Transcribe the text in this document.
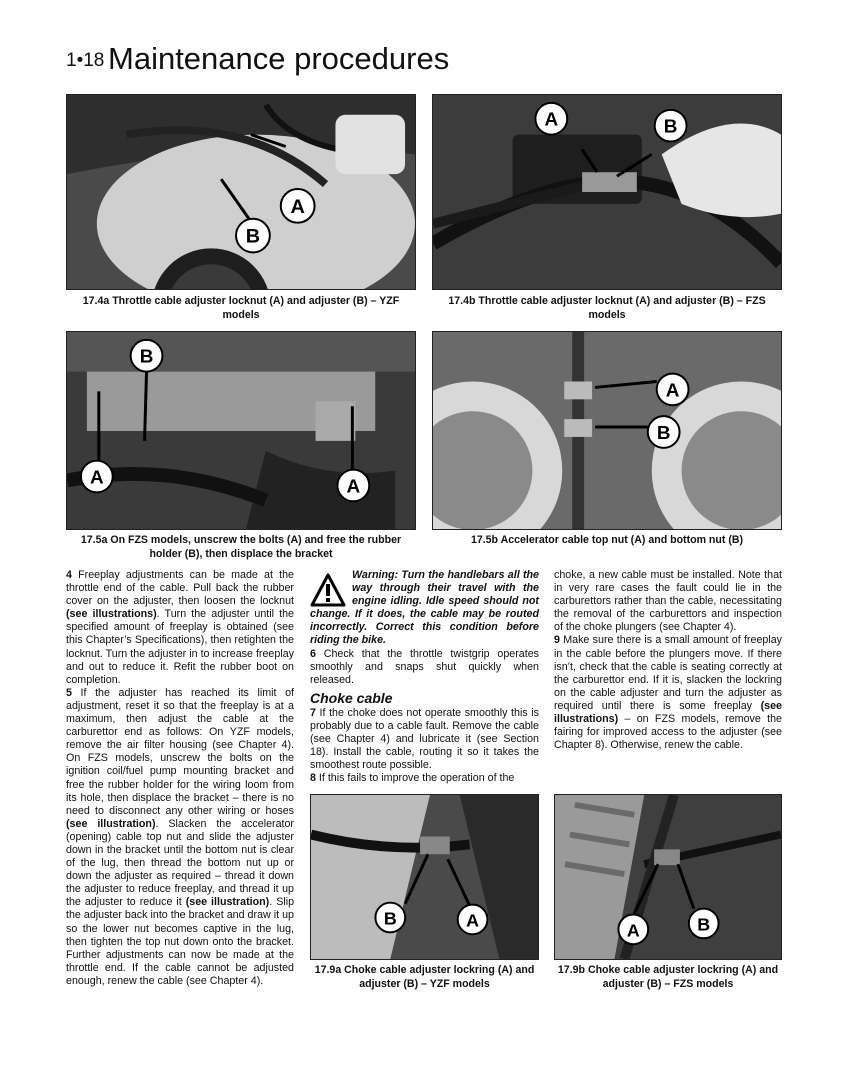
1•18 Maintenance procedures
A
B
17.4a Throttle cable adjuster locknut (A) and adjuster (B) – YZF models
A	B
17.4b Throttle cable adjuster locknut (A) and adjuster (B) – FZS models
B
A	A
17.5a On FZS models, unscrew the bolts (A) and free the rubber holder (B), then displace the bracket
A
B
17.5b Accelerator cable top nut (A) and bottom nut (B)

4 Freeplay adjustments can be made at the throttle end of the cable. Pull back the rubber cover on the adjuster, then loosen the locknut (see illustrations). Turn the adjuster until the specified amount of freeplay is obtained (see this Chapter’s Specifications), then retighten the locknut. Turn the adjuster in to increase freeplay and out to reduce it. Refit the rubber boot on completion.

5 If the adjuster has reached its limit of adjustment, reset it so that the freeplay is at a maximum, then adjust the cable at the carburettor end as follows: On YZF models, remove the air filter housing (see Chapter 4). On FZS models, unscrew the bolts on the ignition coil/fuel pump mounting bracket and free the rubber holder for the wiring loom from its hole, then displace the bracket – there is no need to disconnect any other wiring or hoses (see illustration). Slacken the accelerator (opening) cable top nut and slide the adjuster down in the bracket until the bottom nut is clear of the lug, then thread the bottom nut up or down the adjuster as required – thread it down the adjuster to reduce freeplay, and thread it up the adjuster to reduce it (see illustration). Slip the adjuster back into the bracket and draw it up so the lower nut becomes captive in the lug, then tighten the top nut down onto the bracket. Further adjustments can now be made at the throttle end. If the cable cannot be adjusted enough, renew the cable (see Chapter 4).

Warning: Turn the handlebars all the way through their travel with the engine idling. Idle speed should not change. If it does, the cable may be routed incorrectly. Correct this condition before riding the bike.

6 Check that the throttle twistgrip operates smoothly and snaps shut quickly when released.

Choke cable

7 If the choke does not operate smoothly this is probably due to a cable fault. Remove the cable (see Chapter 4) and lubricate it (see Section 18). Install the cable, routing it so it takes the smoothest route possible.

8 If this fails to improve the operation of the

choke, a new cable must be installed. Note that in very rare cases the fault could lie in the carburettors rather than the cable, necessitating the removal of the carburettors and inspection of the choke plungers (see Chapter 4).

9 Make sure there is a small amount of freeplay in the cable before the plungers move. If there isn’t, check that the cable is seating correctly at the carburettor end. If it is, slacken the lockring on the cable adjuster and turn the adjuster as required until there is some freeplay (see illustrations) – on FZS models, remove the fairing for improved access to the adjuster (see Chapter 8). Otherwise, renew the cable.

B	A
17.9a Choke cable adjuster lockring (A) and adjuster (B) – YZF models
A	B
17.9b Choke cable adjuster lockring (A) and adjuster (B) – FZS models
